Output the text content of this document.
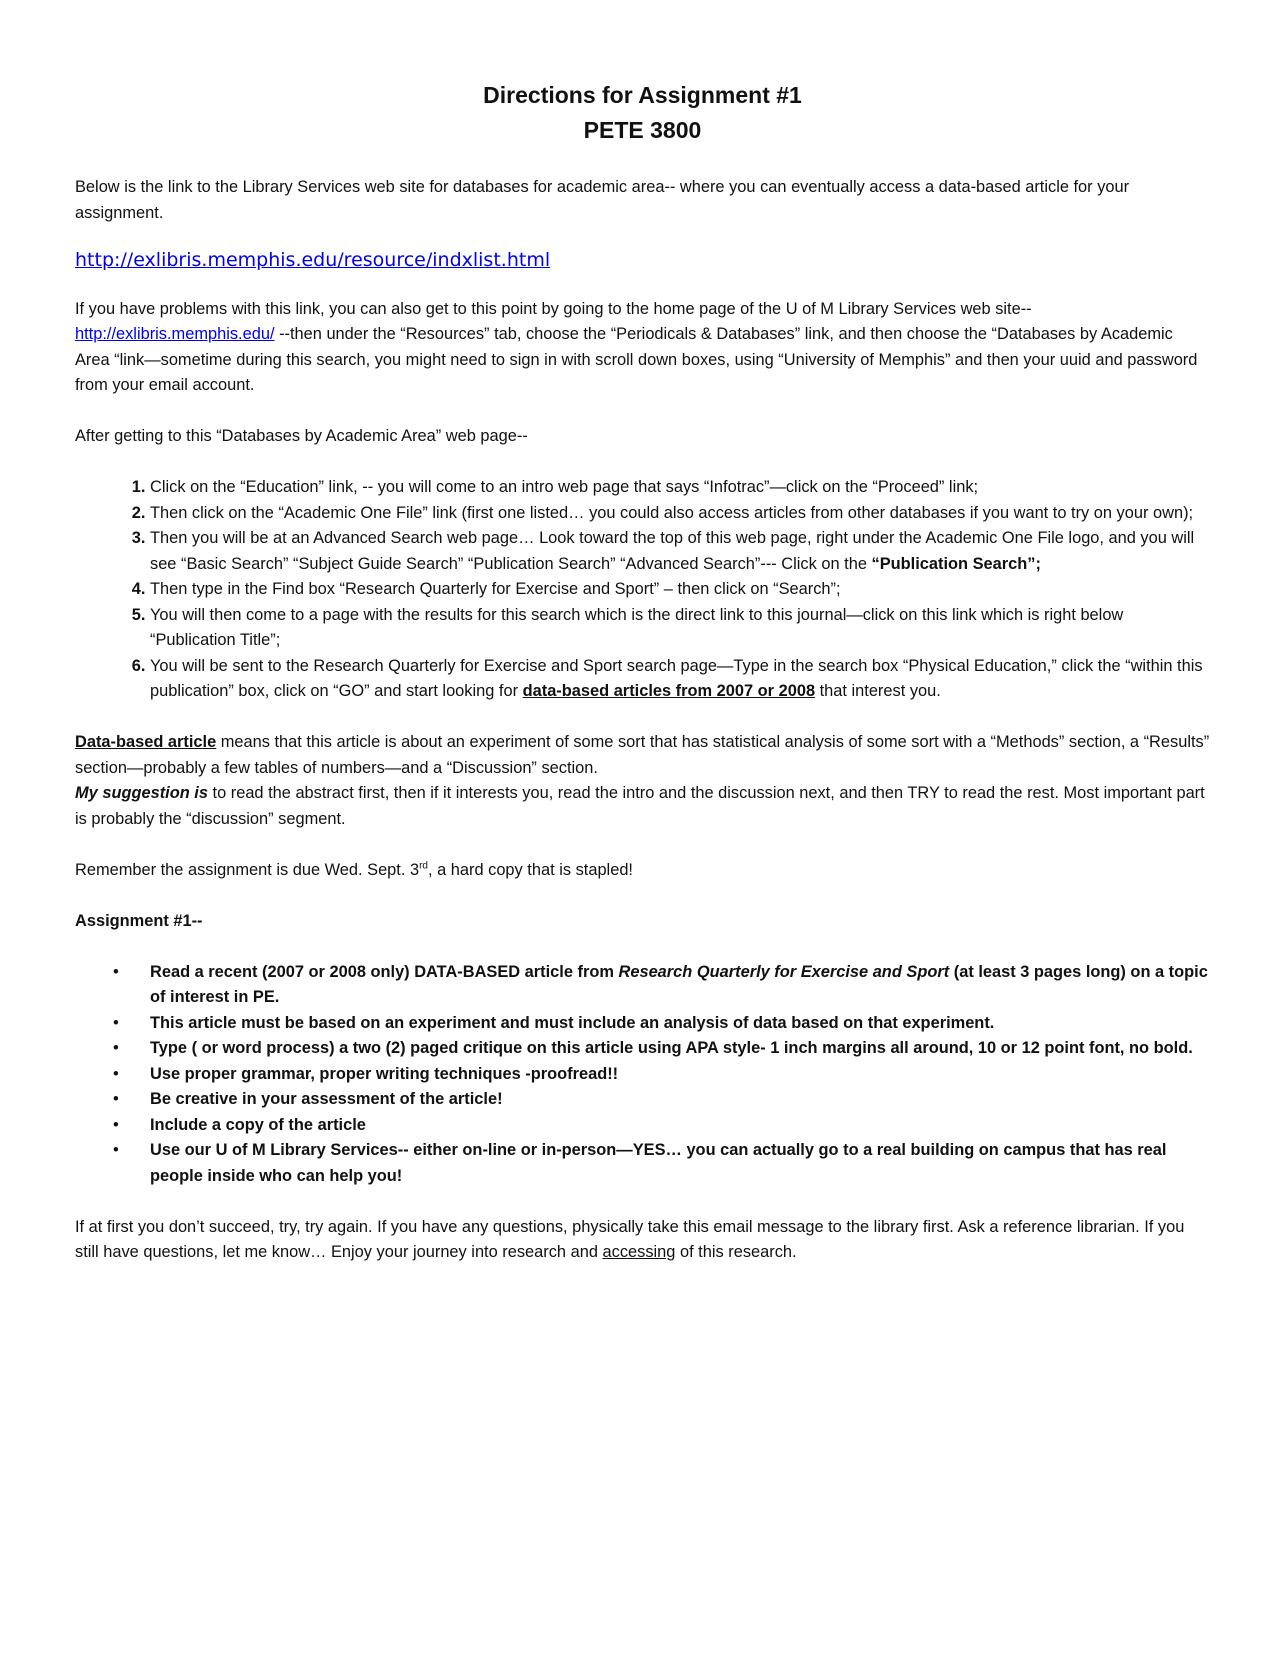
Directions for Assignment #1
PETE 3800

Below is the link to the Library Services web site for databases for academic area-- where you can eventually access a data-based article for your assignment.

http://exlibris.memphis.edu/resource/indxlist.html

If you have problems with this link, you can also get to this point by going to the home page of the U of M Library Services web site--http://exlibris.memphis.edu/ --then under the “Resources” tab, choose the “Periodicals & Databases” link, and then choose the “Databases by Academic Area “link—sometime during this search, you might need to sign in with scroll down boxes, using “University of Memphis” and then your uuid and password from your email account.

After getting to this “Databases by Academic Area” web page--

1. Click on the “Education” link, -- you will come to an intro web page that says “Infotrac”—click on the “Proceed” link;
2. Then click on the “Academic One File” link (first one listed… you could also access articles from other databases if you want to try on your own);
3. Then you will be at an Advanced Search web page… Look toward the top of this web page, right under the Academic One File logo, and you will see “Basic Search” “Subject Guide Search” “Publication Search” “Advanced Search”--- Click on the “Publication Search”;
4. Then type in the Find box “Research Quarterly for Exercise and Sport” – then click on “Search”;
5. You will then come to a page with the results for this search which is the direct link to this journal—click on this link which is right below “Publication Title”;
6. You will be sent to the Research Quarterly for Exercise and Sport search page—Type in the search box “Physical Education,” click the “within this publication” box, click on “GO” and start looking for data-based articles from 2007 or 2008 that interest you.

Data-based article means that this article is about an experiment of some sort that has statistical analysis of some sort with a “Methods” section, a “Results” section—probably a few tables of numbers—and a “Discussion” section.

My suggestion is to read the abstract first, then if it interests you, read the intro and the discussion next, and then TRY to read the rest. Most important part is probably the “discussion” segment.

Remember the assignment is due Wed. Sept. 3rd, a hard copy that is stapled!

Assignment #1--

• Read a recent (2007 or 2008 only) DATA-BASED article from Research Quarterly for Exercise and Sport (at least 3 pages long) on a topic of interest in PE.
• This article must be based on an experiment and must include an analysis of data based on that experiment.
• Type ( or word process) a two (2) paged critique on this article using APA style- 1 inch margins all around, 10 or 12 point font, no bold.
• Use proper grammar, proper writing techniques -proofread!!
• Be creative in your assessment of the article!
• Include a copy of the article
• Use our U of M Library Services-- either on-line or in-person—YES… you can actually go to a real building on campus that has real people inside who can help you!

If at first you don’t succeed, try, try again. If you have any questions, physically take this email message to the library first. Ask a reference librarian. If you still have questions, let me know… Enjoy your journey into research and accessing of this research.
